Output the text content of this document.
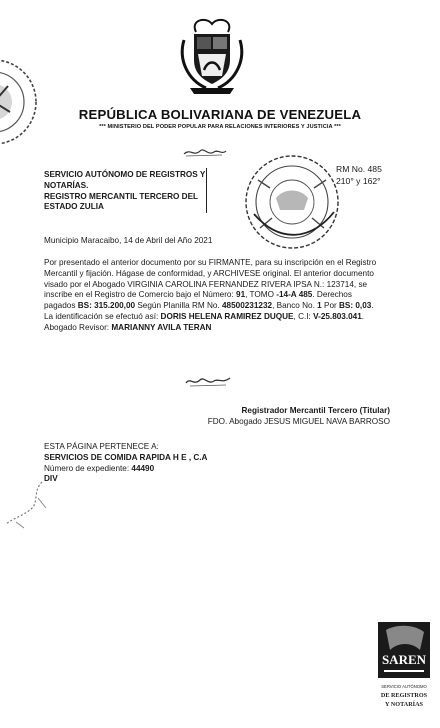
REPÚBLICA BOLIVARIANA DE VENEZUELA
*** MINISTERIO DEL PODER POPULAR PARA RELACIONES INTERIORES Y JUSTICIA ***
SERVICIO AUTÓNOMO DE REGISTROS Y
NOTARÍAS.
REGISTRO MERCANTIL TERCERO DEL
ESTADO ZULIA
RM No. 485
210° y 162°
Municipio Maracaibo, 14 de Abril del Año 2021
Por presentado el anterior documento por su FIRMANTE, para su inscripción en el Registro
Mercantil y fijación. Hágase de conformidad, y ARCHIVESE original. El anterior documento
visado por el Abogado VIRGINIA CAROLINA FERNANDEZ RIVERA IPSA N.: 123714, se
inscribe en el Registro de Comercio bajo el Número: 91, TOMO -14-A 485. Derechos
pagados BS: 315.200,00 Según Planilla RM No. 48500231232, Banco No. 1 Por BS: 0,03.
La identificación se efectuó así: DORIS HELENA RAMIREZ DUQUE, C.I: V-25.803.041.
Abogado Revisor: MARIANNY AVILA TERAN
Registrador Mercantil Tercero (Titular)
FDO. Abogado JESUS MIGUEL NAVA BARROSO
ESTA PÁGINA PERTENECE A:
SERVICIOS DE COMIDA RAPIDA H E , C.A
Número de expediente: 44490
DIV
SAREN
SERVICIO AUTÓNOMO
DE REGISTROS
Y NOTARÍAS
